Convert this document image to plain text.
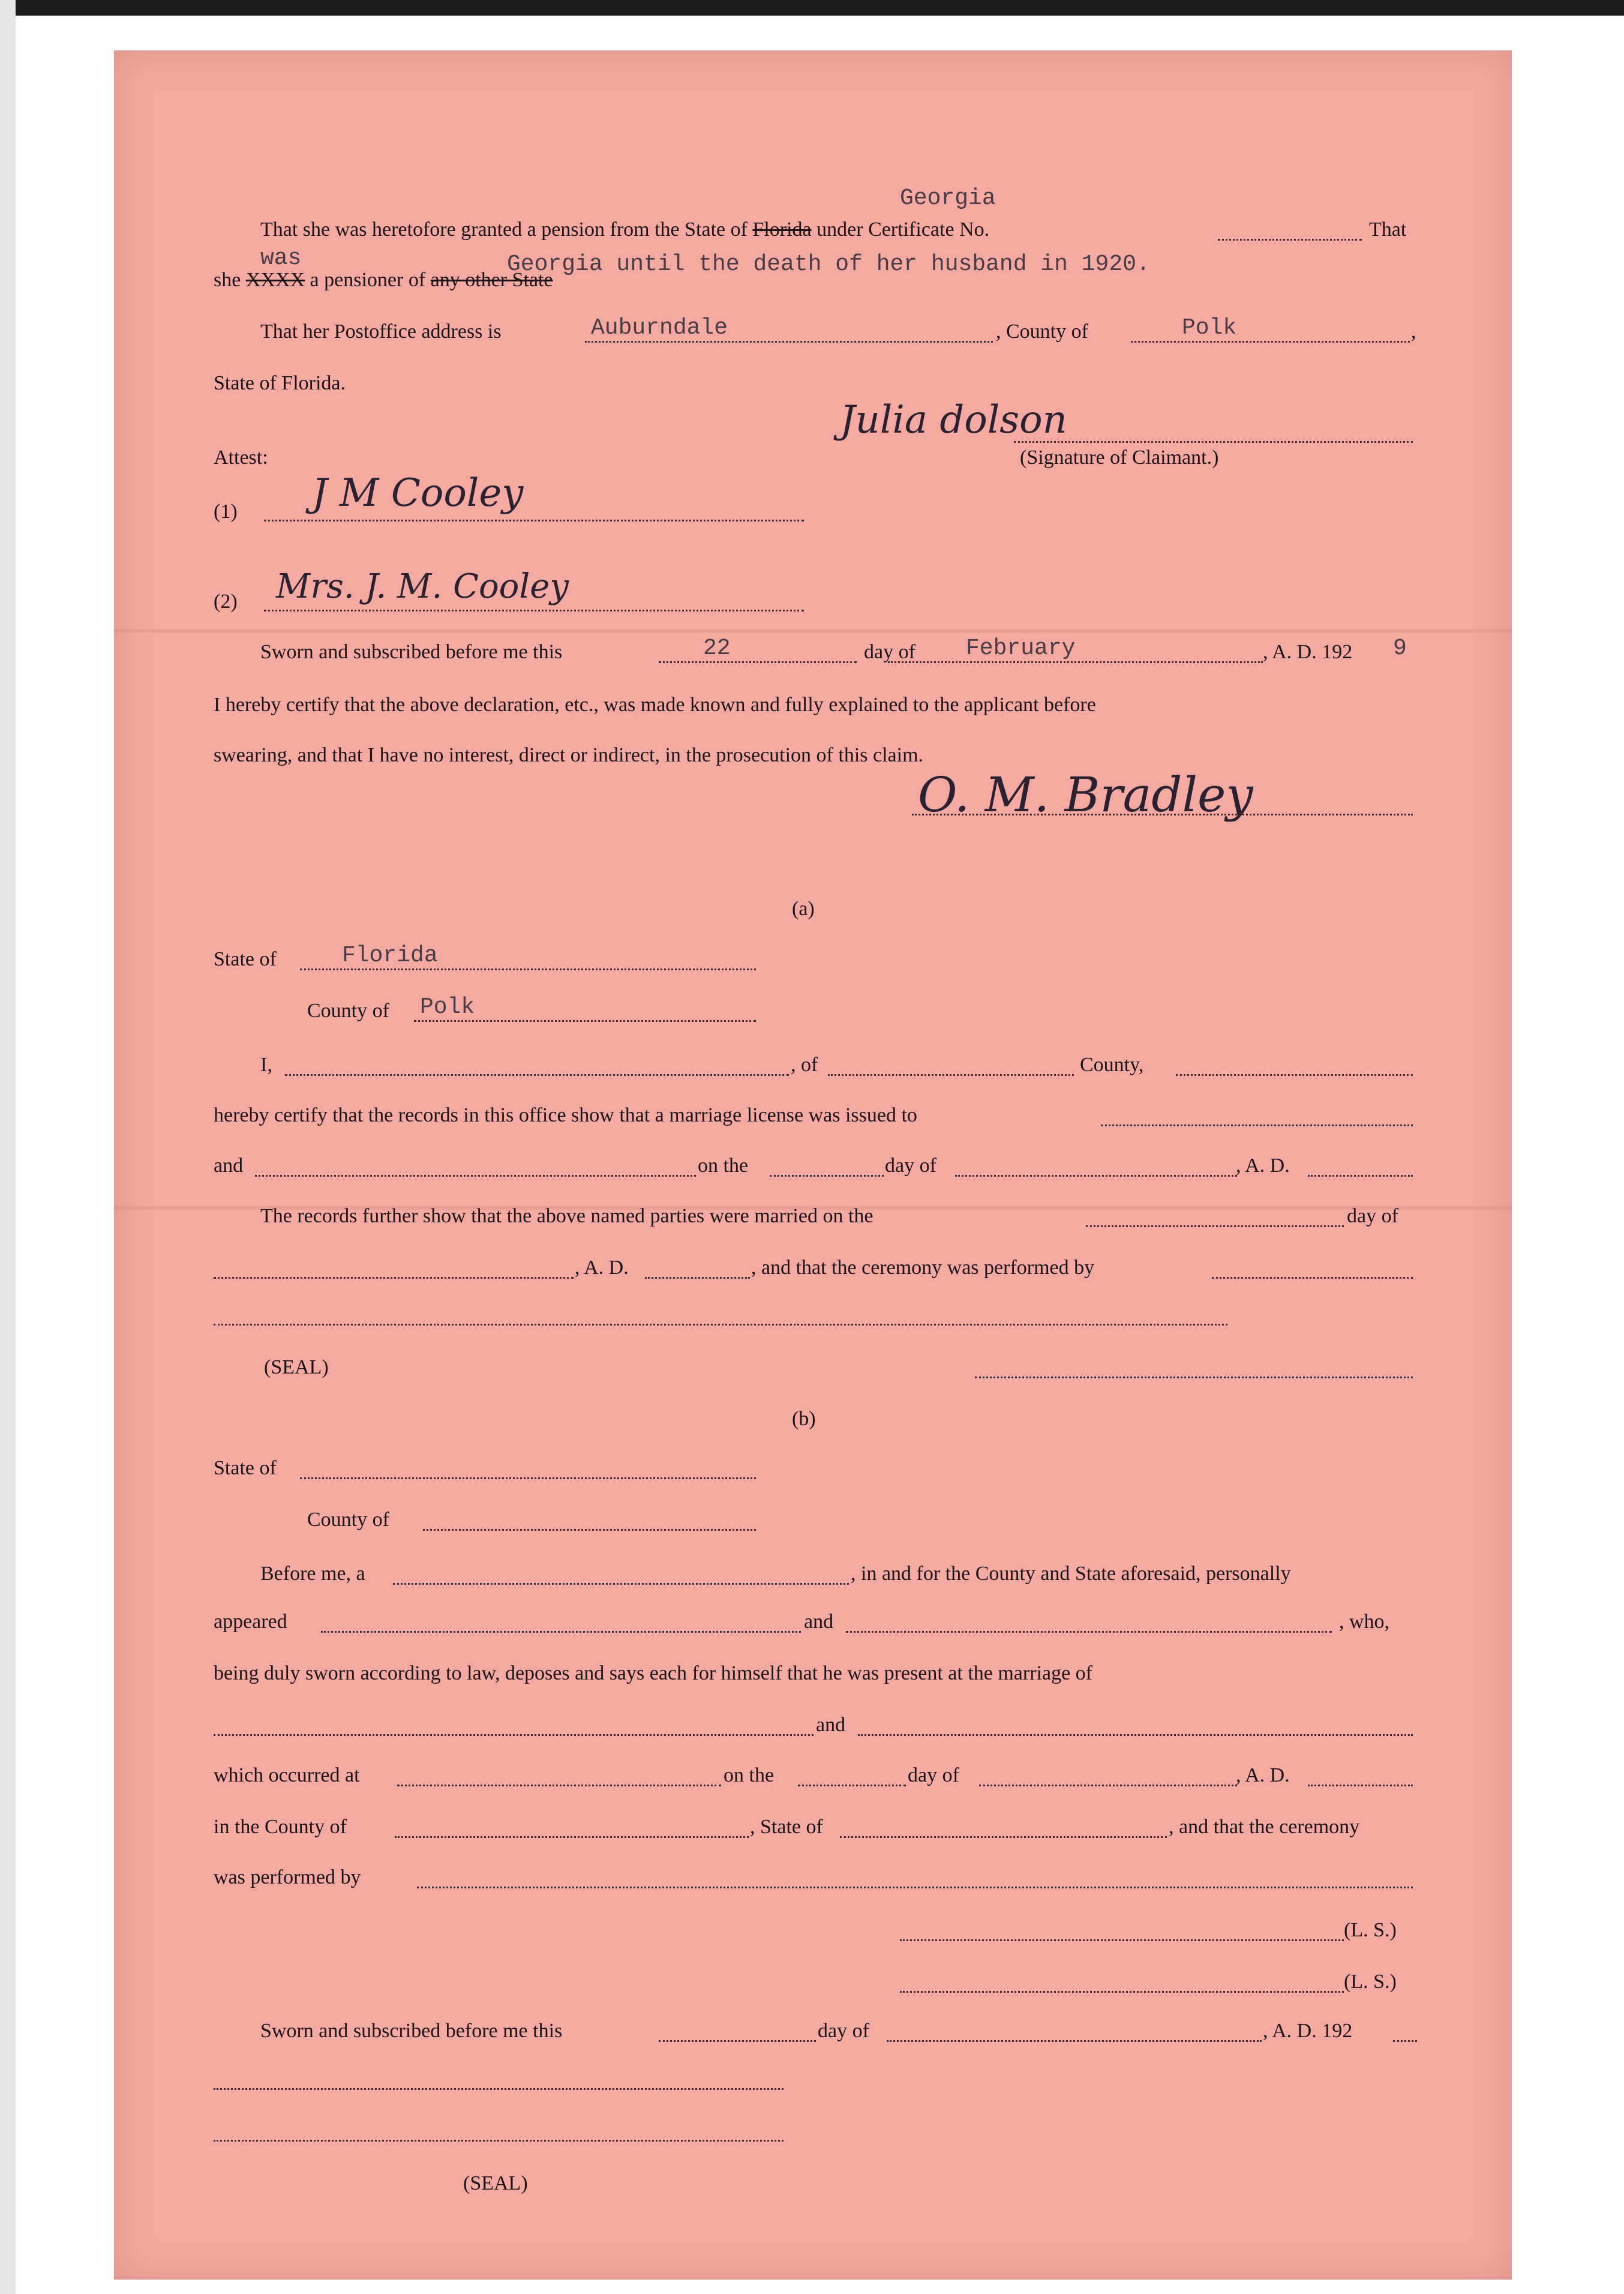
Georgia
That she was heretofore granted a pension from the State of Florida under Certificate No.	That
was
she XXXX a pensioner of any other State
Georgia until the death of her husband in 1920.
That her Postoffice address is	Auburndale	, County of	Polk	,
State of Florida.
Attest:
Julia dolson
(Signature of Claimant.)
(1) J M Cooley
(2) Mrs. J. M. Cooley
Sworn and subscribed before me this	22	day of February	, A. D. 192 9
I hereby certify that the above declaration, etc., was made known and fully explained to the applicant before
swearing, and that I have no interest, direct or indirect, in the prosecution of this claim.
O. M. Bradley
(a)
State of	Florida
County of Polk
I,	, of	County,
hereby certify that the records in this office show that a marriage license was issued to
and	on the	day of	, A. D.
The records further show that the above named parties were married on the	day of
, A. D.	, and that the ceremony was performed by
(SEAL)
(b)
State of
County of
Before me, a	, in and for the County and State aforesaid, personally
appeared	and	, who,
being duly sworn according to law, deposes and says each for himself that he was present at the marriage of
and
which occurred at	on the	day of	, A. D.
in the County of	, State of	, and that the ceremony
was performed by
(L. S.)
(L. S.)
Sworn and subscribed before me this	day of	, A. D. 192
(SEAL)
